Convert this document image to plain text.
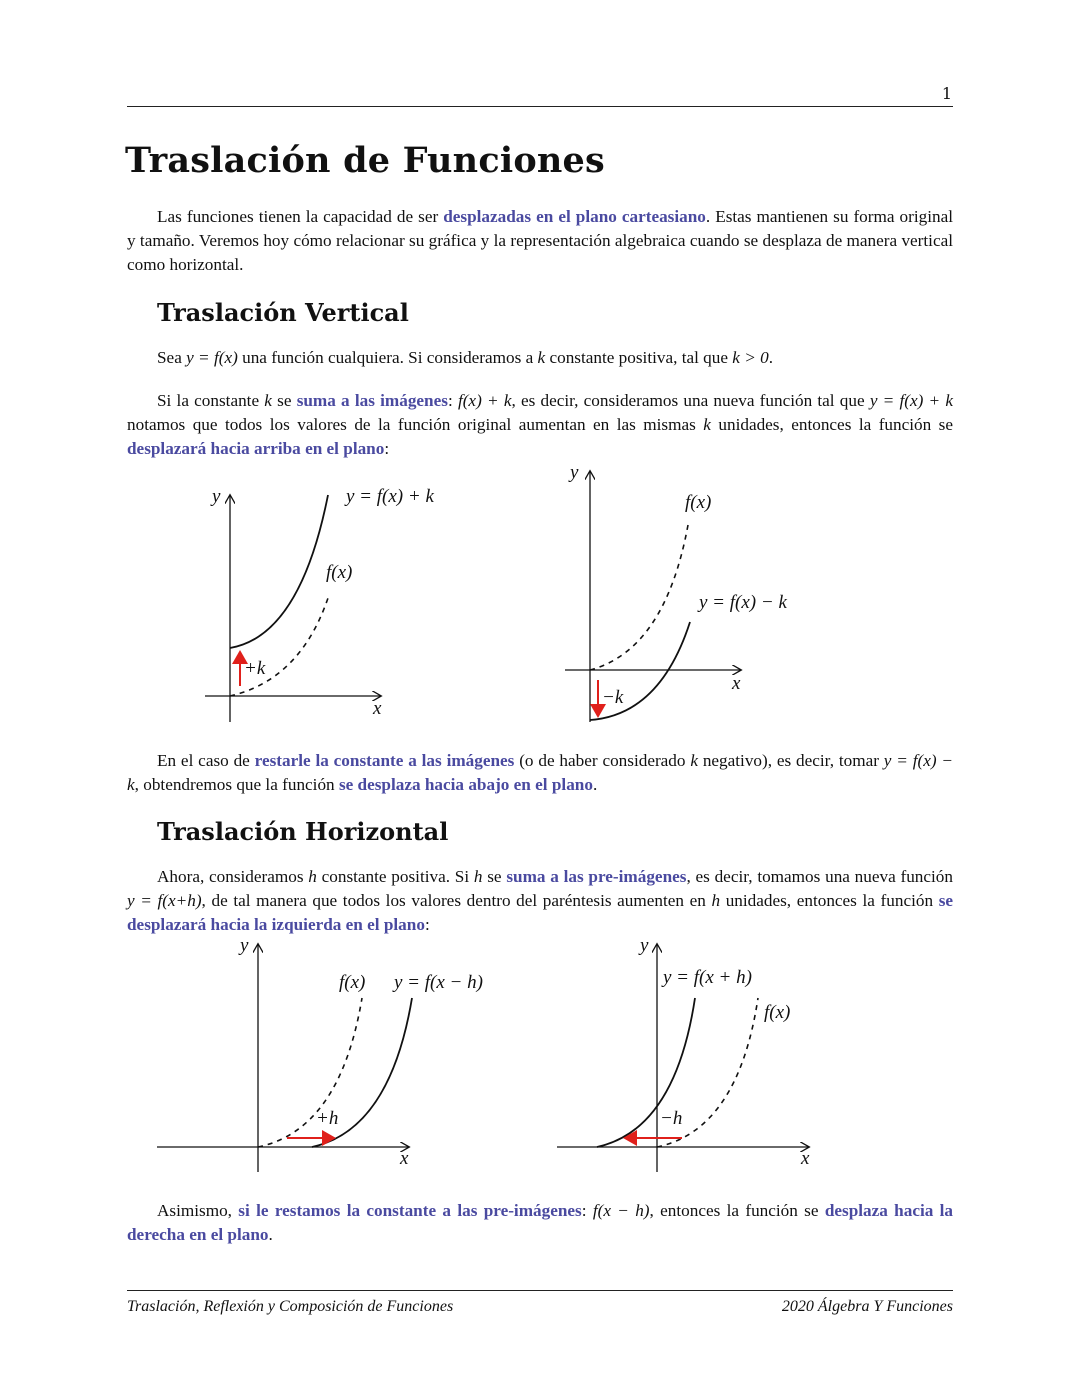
1
Traslación de Funciones
Las funciones tienen la capacidad de ser desplazadas en el plano carteasiano. Estas mantienen su forma original y tamaño. Veremos hoy cómo relacionar su gráfica y la representación algebraica cuando se desplaza de manera vertical como horizontal.
Traslación Vertical
Sea y = f(x) una función cualquiera. Si consideramos a k constante positiva, tal que k > 0.
Si la constante k se suma a las imágenes: f(x) + k, es decir, consideramos una nueva función tal que y = f(x) + k notamos que todos los valores de la función original aumentan en las mismas k unidades, entonces la función se desplazará hacia arriba en el plano:
y
x
y = f(x) + k
f(x)
+k
y
x
f(x)
y = f(x) − k
−k
En el caso de restarle la constante a las imágenes (o de haber considerado k negativo), es decir, tomar y = f(x) − k, obtendremos que la función se desplaza hacia abajo en el plano.
Traslación Horizontal
Ahora, consideramos h constante positiva. Si h se suma a las pre-imágenes, es decir, tomamos una nueva función y = f(x+h), de tal manera que todos los valores dentro del paréntesis aumenten en h unidades, entonces la función se desplazará hacia la izquierda en el plano:
y
x
f(x) y = f(x − h)
+h
y
x
y = f(x + h)
f(x)
−h
Asimismo, si le restamos la constante a las pre-imágenes: f(x − h), entonces la función se desplaza hacia la derecha en el plano.
Traslación, Reflexión y Composición de Funciones	2020 Álgebra Y Funciones
